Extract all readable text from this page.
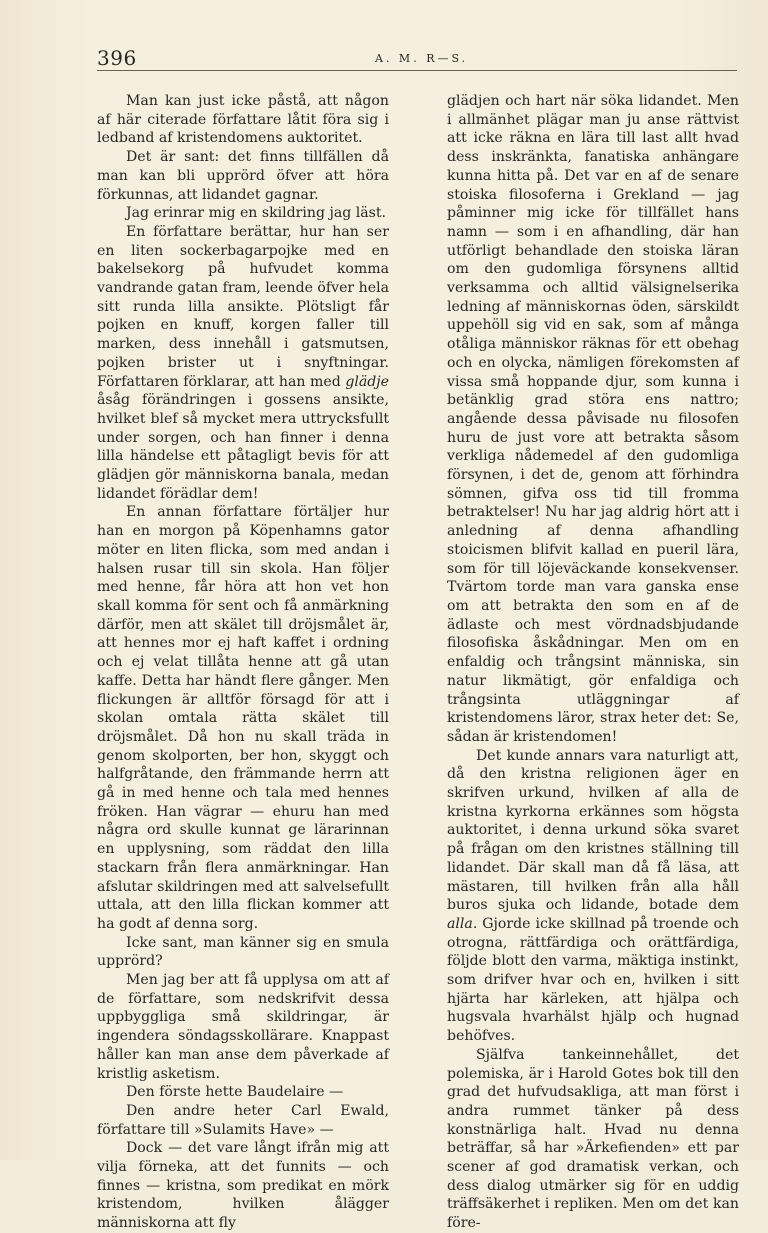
396	A. M. R—S.

Man kan just icke påstå, att någon af här citerade författare låtit föra sig i ledband af kristendomens auktoritet.

Det är sant: det finns tillfällen då man kan bli upprörd öfver att höra förkunnas, att lidandet gagnar.

Jag erinrar mig en skildring jag läst.

En författare berättar, hur han ser en liten sockerbagarpojke med en bakelsekorg på hufvudet komma vandrande gatan fram, leende öfver hela sitt runda lilla ansikte. Plötsligt får pojken en knuff, korgen faller till marken, dess innehåll i gatsmutsen, pojken brister ut i snyftningar. Författaren förklarar, att han med glädje åsåg förändringen i gossens ansikte, hvilket blef så mycket mera uttrycksfullt under sorgen, och han finner i denna lilla händelse ett påtagligt bevis för att glädjen gör människorna banala, medan lidandet förädlar dem!

En annan författare förtäljer hur han en morgon på Köpenhamns gator möter en liten flicka, som med andan i halsen rusar till sin skola. Han följer med henne, får höra att hon vet hon skall komma för sent och få anmärkning därför, men att skälet till dröjsmålet är, att hennes mor ej haft kaffet i ordning och ej velat tillåta henne att gå utan kaffe. Detta har händt flere gånger. Men flickungen är alltför försagd för att i skolan omtala rätta skälet till dröjsmålet. Då hon nu skall träda in genom skolporten, ber hon, skyggt och halfgråtande, den främmande herrn att gå in med henne och tala med hennes fröken. Han vägrar — ehuru han med några ord skulle kunnat ge lärarinnan en upplysning, som räddat den lilla stackarn från flera anmärkningar. Han afslutar skildringen med att salvelsefullt uttala, att den lilla flickan kommer att ha godt af denna sorg.

Icke sant, man känner sig en smula upprörd?

Men jag ber att få upplysa om att af de författare, som nedskrifvit dessa uppbyggliga små skildringar, är ingendera söndagsskollärare. Knappast håller kan man anse dem påverkade af kristlig asketism.

Den förste hette Baudelaire —

Den andre heter Carl Ewald, författare till »Sulamits Have» —

Dock — det vare långt ifrån mig att vilja förneka, att det funnits — och finnes — kristna, som predikat en mörk kristendom, hvilken ålägger människorna att fly

glädjen och hart när söka lidandet. Men i allmänhet plägar man ju anse rättvist att icke räkna en lära till last allt hvad dess inskränkta, fanatiska anhängare kunna hitta på. Det var en af de senare stoiska filosoferna i Grekland — jag påminner mig icke för tillfället hans namn — som i en afhandling, där han utförligt behandlade den stoiska läran om den gudomliga försynens alltid verksamma och alltid välsignelserika ledning af människornas öden, särskildt uppehöll sig vid en sak, som af många otåliga människor räknas för ett obehag och en olycka, nämligen förekomsten af vissa små hoppande djur, som kunna i betänklig grad störa ens nattro; angående dessa påvisade nu filosofen huru de just vore att betrakta såsom verkliga nådemedel af den gudomliga försynen, i det de, genom att förhindra sömnen, gifva oss tid till fromma betraktelser! Nu har jag aldrig hört att i anledning af denna afhandling stoicismen blifvit kallad en pueril lära, som för till löjeväckande konsekvenser. Tvärtom torde man vara ganska ense om att betrakta den som en af de ädlaste och mest vördnadsbjudande filosofiska åskådningar. Men om en enfaldig och trångsint människa, sin natur likmätigt, gör enfaldiga och trångsinta utläggningar af kristendomens läror, strax heter det: Se, sådan är kristendomen!

Det kunde annars vara naturligt att, då den kristna religionen äger en skrifven urkund, hvilken af alla de kristna kyrkorna erkännes som högsta auktoritet, i denna urkund söka svaret på frågan om den kristnes ställning till lidandet. Där skall man då få läsa, att mästaren, till hvilken från alla håll buros sjuka och lidande, botade dem alla. Gjorde icke skillnad på troende och otrogna, rättfärdiga och orättfärdiga, följde blott den varma, mäktiga instinkt, som drifver hvar och en, hvilken i sitt hjärta har kärleken, att hjälpa och hugsvala hvarhälst hjälp och hugnad behöfves.

Själfva tankeinnehållet, det polemiska, är i Harold Gotes bok till den grad det hufvudsakliga, att man först i andra rummet tänker på dess konstnärliga halt. Hvad nu denna beträffar, så har »Ärkefienden» ett par scener af god dramatisk verkan, och dess dialog utmärker sig för en uddig träffsäkerhet i repliken. Men om det kan före-
